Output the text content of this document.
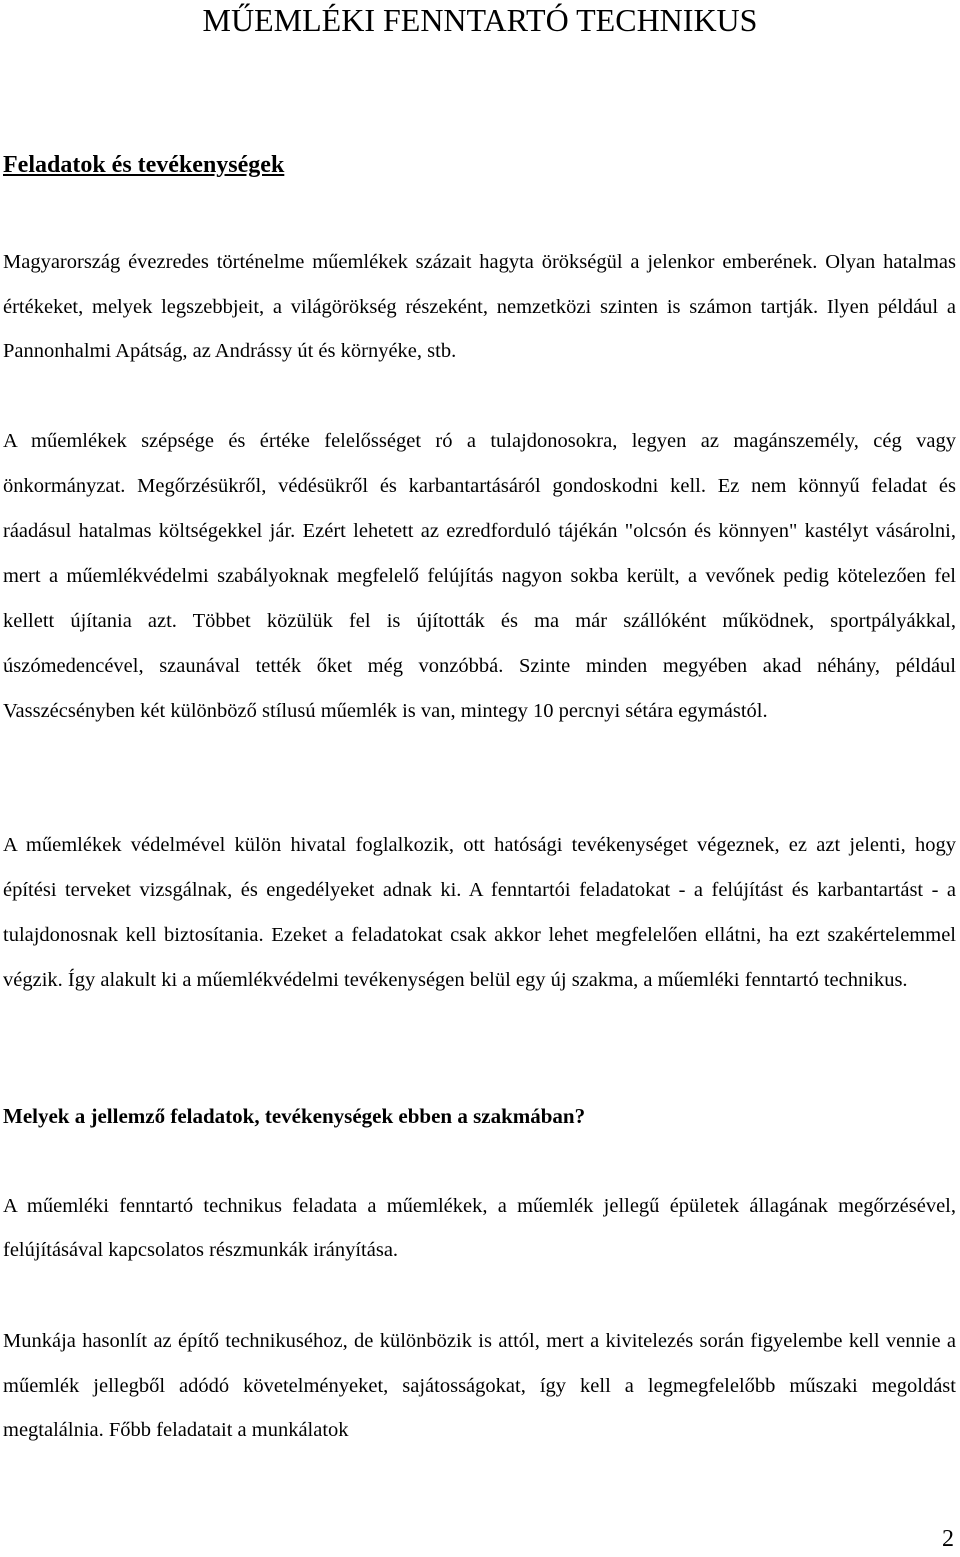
MŰEMLÉKI FENNTARTÓ TECHNIKUS
Feladatok és tevékenységek

Magyarország évezredes történelme műemlékek százait hagyta örökségül a jelenkor emberének. Olyan hatalmas értékeket, melyek legszebbjeit, a világörökség részeként, nemzetközi szinten is számon tartják. Ilyen például a Pannonhalmi Apátság, az Andrássy út és környéke, stb.

A műemlékek szépsége és értéke felelősséget ró a tulajdonosokra, legyen az magánszemély, cég vagy önkormányzat. Megőrzésükről, védésükről és karbantartásáról gondoskodni kell. Ez nem könnyű feladat és ráadásul hatalmas költségekkel jár. Ezért lehetett az ezredforduló tájékán "olcsón és könnyen" kastélyt vásárolni, mert a műemlékvédelmi szabályoknak megfelelő felújítás nagyon sokba került, a vevőnek pedig kötelezően fel kellett újítania azt. Többet közülük fel is újították és ma már szállóként működnek, sportpályákkal, úszómedencével, szaunával tették őket még vonzóbbá. Szinte minden megyében akad néhány, például Vasszécsényben két különböző stílusú műemlék is van, mintegy 10 percnyi sétára egymástól.

A műemlékek védelmével külön hivatal foglalkozik, ott hatósági tevékenységet végeznek, ez azt jelenti, hogy építési terveket vizsgálnak, és engedélyeket adnak ki. A fenntartói feladatokat - a felújítást és karbantartást - a tulajdonosnak kell biztosítania. Ezeket a feladatokat csak akkor lehet megfelelően ellátni, ha ezt szakértelemmel végzik. Így alakult ki a műemlékvédelmi tevékenységen belül egy új szakma, a műemléki fenntartó technikus.

Melyek a jellemző feladatok, tevékenységek ebben a szakmában?

A műemléki fenntartó technikus feladata a műemlékek, a műemlék jellegű épületek állagának megőrzésével, felújításával kapcsolatos részmunkák irányítása.

Munkája hasonlít az építő technikuséhoz, de különbözik is attól, mert a kivitelezés során figyelembe kell vennie a műemlék jellegből adódó követelményeket, sajátosságokat, így kell a legmegfelelőbb műszaki megoldást megtalálnia. Főbb feladatait a munkálatok

2
